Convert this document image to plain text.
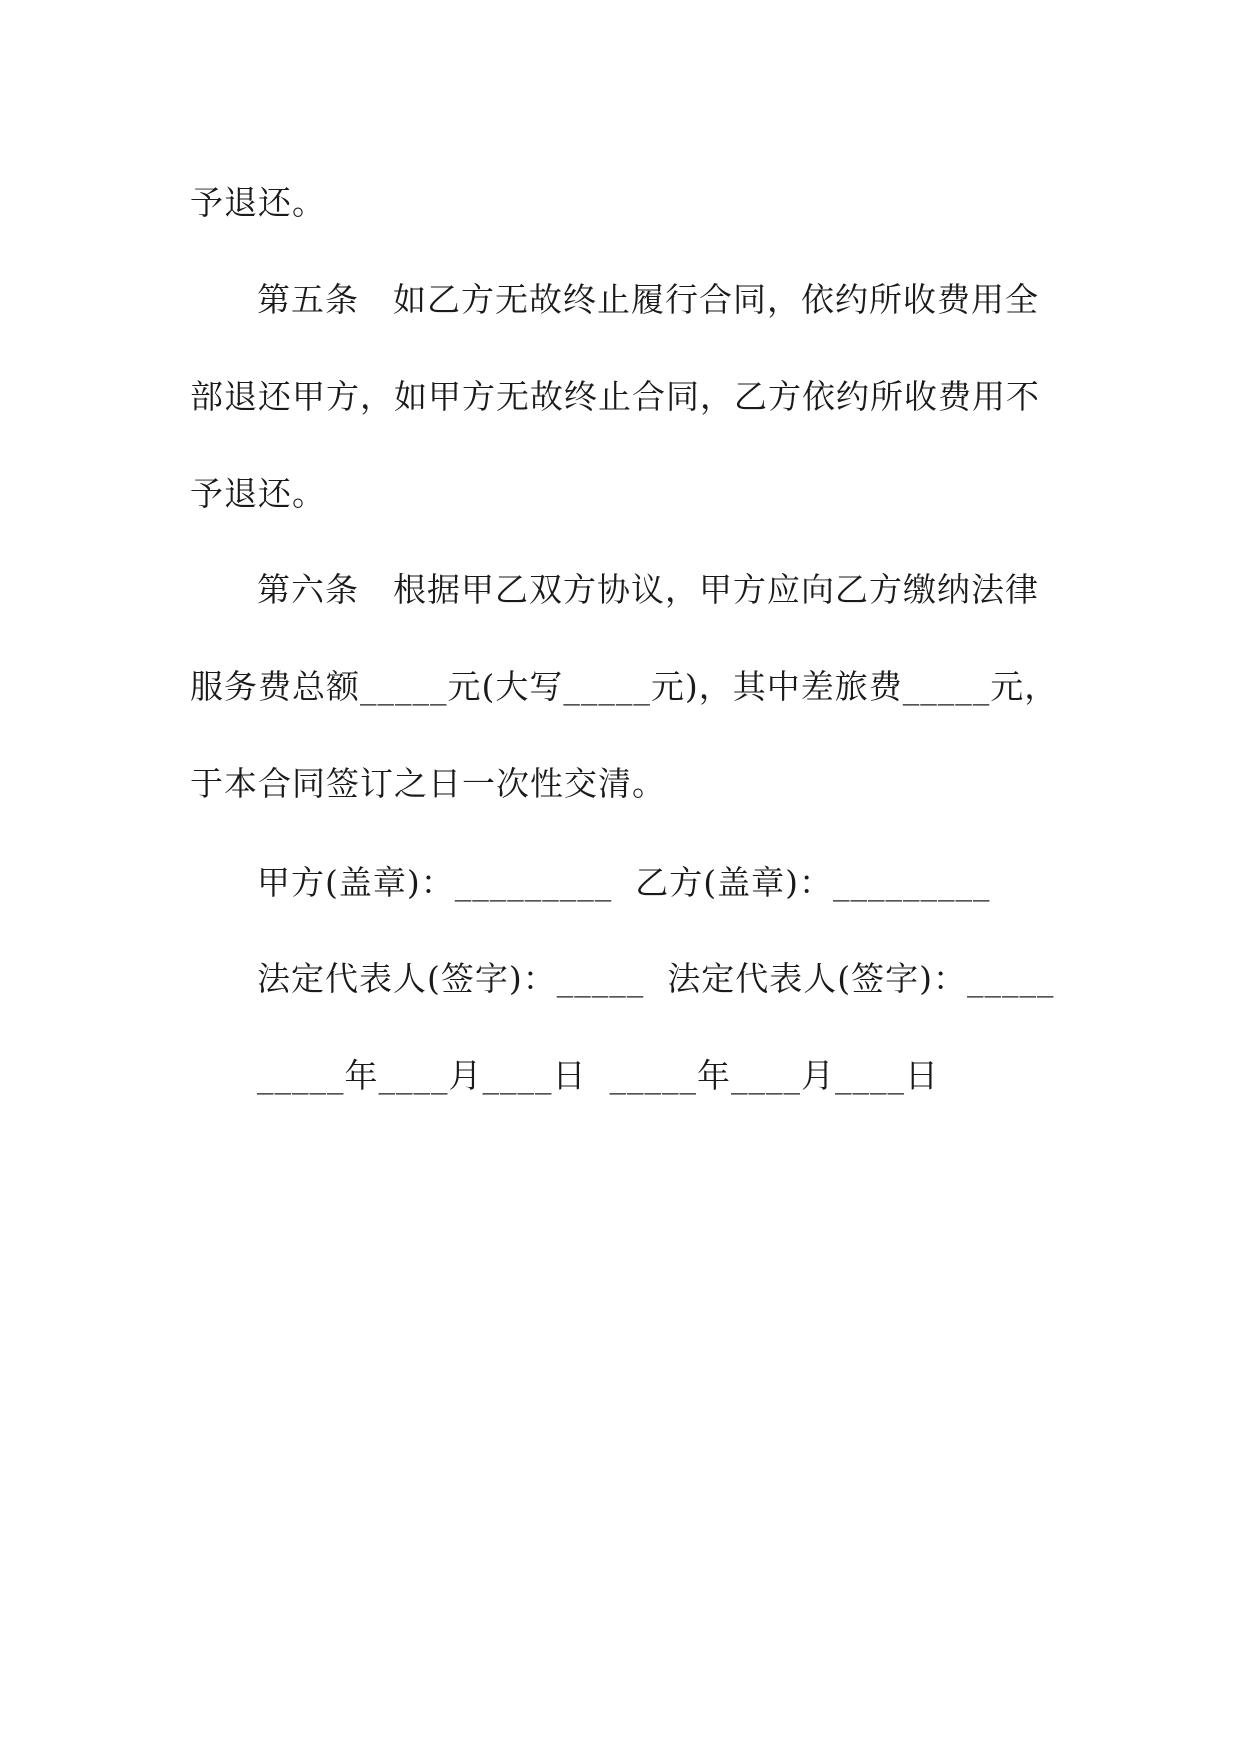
予退还。
第五条　如乙方无故终止履行合同，依约所收费用全
部退还甲方，如甲方无故终止合同，乙方依约所收费用不
予退还。
第六条　根据甲乙双方协议，甲方应向乙方缴纳法律
服务费总额_____元(大写_____元)，其中差旅费_____元，
于本合同签订之日一次性交清。
甲方(盖章)：_________  乙方(盖章)：_________
法定代表人(签字)：_____  法定代表人(签字)：_____
_____年____月____日  _____年____月____日
